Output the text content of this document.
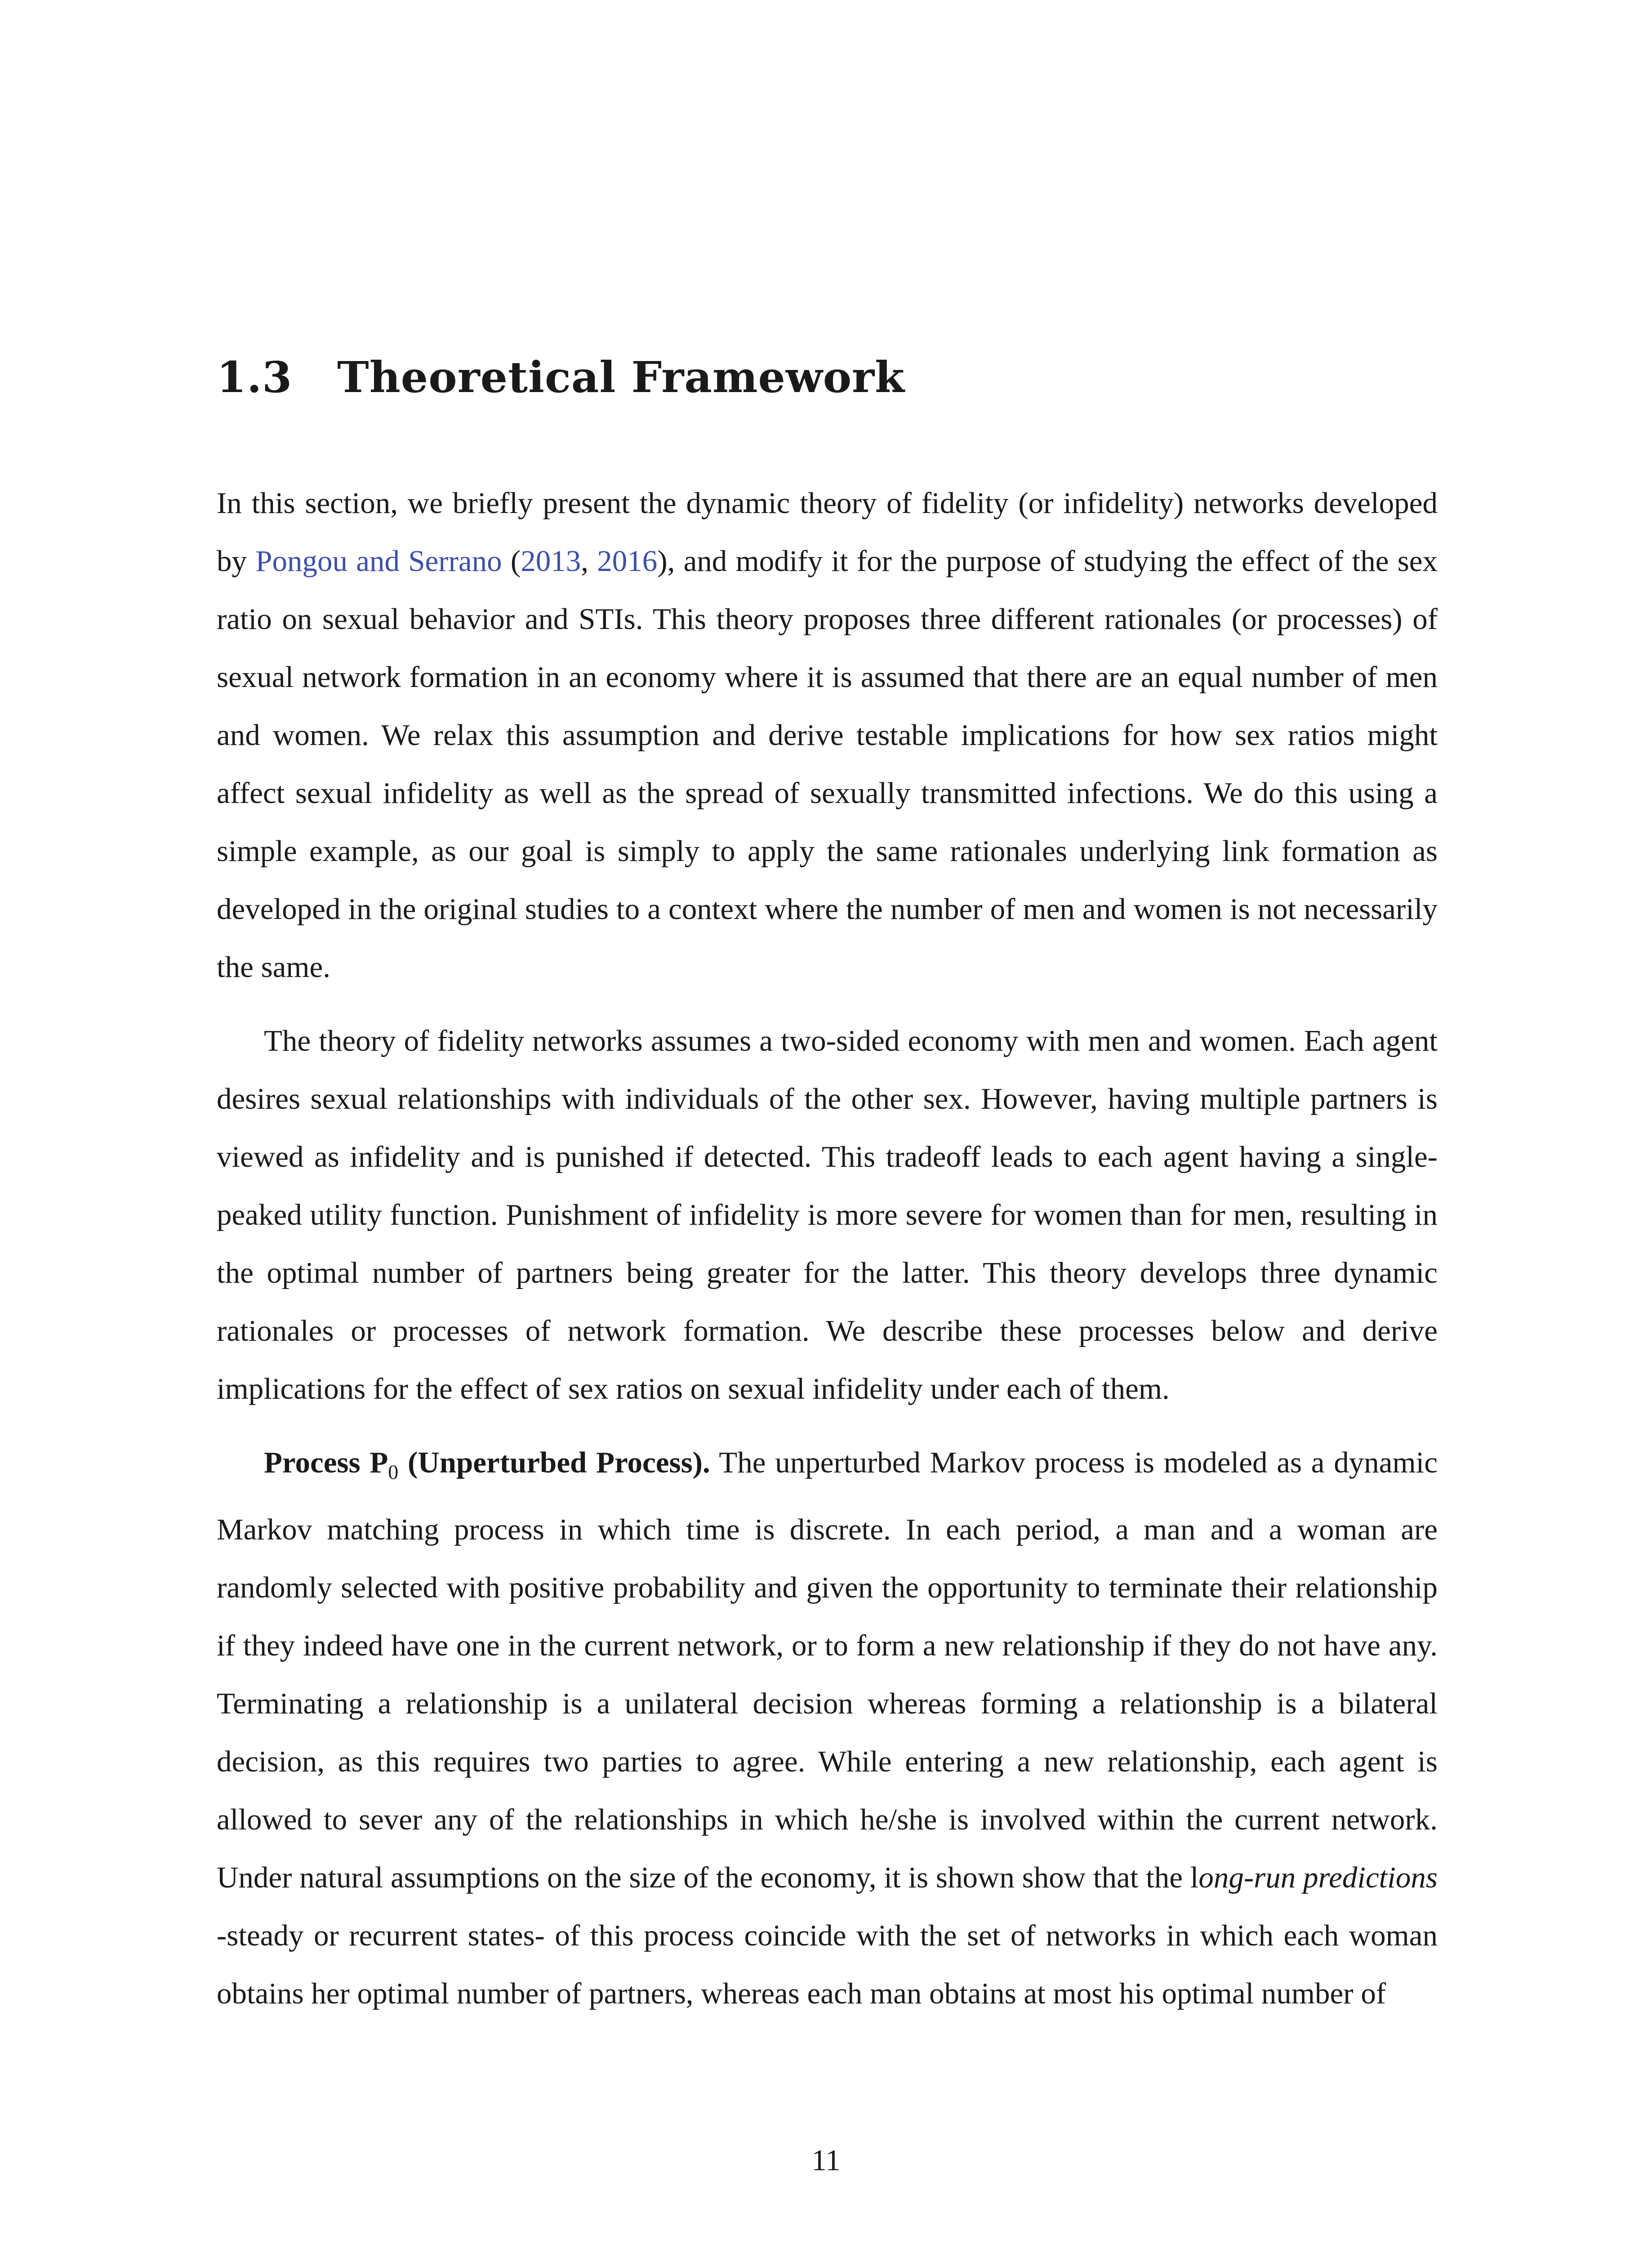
1.3 Theoretical Framework

In this section, we briefly present the dynamic theory of fidelity (or infidelity) networks developed by Pongou and Serrano (2013, 2016), and modify it for the purpose of studying the effect of the sex ratio on sexual behavior and STIs. This theory proposes three different rationales (or processes) of sexual network formation in an economy where it is assumed that there are an equal number of men and women. We relax this assumption and derive testable implications for how sex ratios might affect sexual infidelity as well as the spread of sexually transmitted infections. We do this using a simple example, as our goal is simply to apply the same rationales underlying link formation as developed in the original studies to a context where the number of men and women is not necessarily the same.

The theory of fidelity networks assumes a two-sided economy with men and women. Each agent desires sexual relationships with individuals of the other sex. However, having multiple partners is viewed as infidelity and is punished if detected. This tradeoff leads to each agent having a single-peaked utility function. Punishment of infidelity is more severe for women than for men, resulting in the optimal number of partners being greater for the latter. This theory develops three dynamic rationales or processes of network formation. We describe these processes below and derive implications for the effect of sex ratios on sexual infidelity under each of them.

Process $P_0$ (Unperturbed Process). The unperturbed Markov process is modeled as a dynamic Markov matching process in which time is discrete. In each period, a man and a woman are randomly selected with positive probability and given the opportunity to terminate their relationship if they indeed have one in the current network, or to form a new relationship if they do not have any. Terminating a relationship is a unilateral decision whereas forming a relationship is a bilateral decision, as this requires two parties to agree. While entering a new relationship, each agent is allowed to sever any of the relationships in which he/she is involved within the current network. Under natural assumptions on the size of the economy, it is shown show that the long-run predictions -steady or recurrent states- of this process coincide with the set of networks in which each woman obtains her optimal number of partners, whereas each man obtains at most his optimal number of

11
